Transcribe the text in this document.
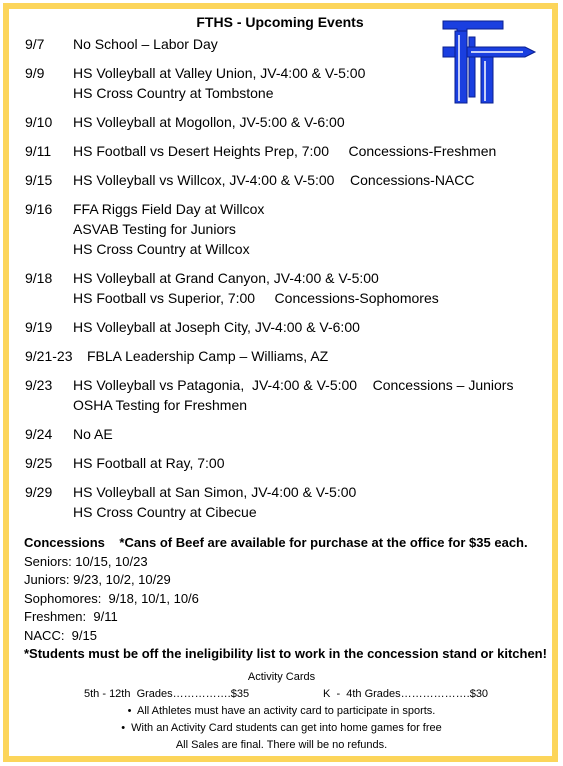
FTHS - Upcoming Events
9/7	No School – Labor Day
9/9	HS Volleyball at Valley Union, JV-4:00 & V-5:00
HS Cross Country at Tombstone
9/10	HS Volleyball at Mogollon, JV-5:00 & V-6:00
9/11	HS Football vs Desert Heights Prep, 7:00     Concessions-Freshmen
9/15	HS Volleyball vs Willcox, JV-4:00 & V-5:00    Concessions-NACC
9/16	FFA Riggs Field Day at Willcox
ASVAB Testing for Juniors
HS Cross Country at Willcox
9/18	HS Volleyball at Grand Canyon, JV-4:00 & V-5:00
HS Football vs Superior, 7:00     Concessions-Sophomores
9/19	HS Volleyball at Joseph City, JV-4:00 & V-6:00
9/21-23	FBLA Leadership Camp – Williams, AZ
9/23	HS Volleyball vs Patagonia,  JV-4:00 & V-5:00    Concessions – Juniors
OSHA Testing for Freshmen
9/24	No AE
9/25	HS Football at Ray, 7:00
9/29	HS Volleyball at San Simon, JV-4:00 & V-5:00
HS Cross Country at Cibecue
Concessions *Cans of Beef are available for purchase at the office for $35 each.
Seniors: 10/15, 10/23
Juniors: 9/23, 10/2, 10/29
Sophomores:  9/18, 10/1, 10/6
Freshmen:  9/11
NACC:  9/15
*Students must be off the ineligibility list to work in the concession stand or kitchen!
Activity Cards
5th - 12th  Grades…………….$35	K  -  4th Grades……………….$30
•  All Athletes must have an activity card to participate in sports.
•  With an Activity Card students can get into home games for free
All Sales are final. There will be no refunds.
